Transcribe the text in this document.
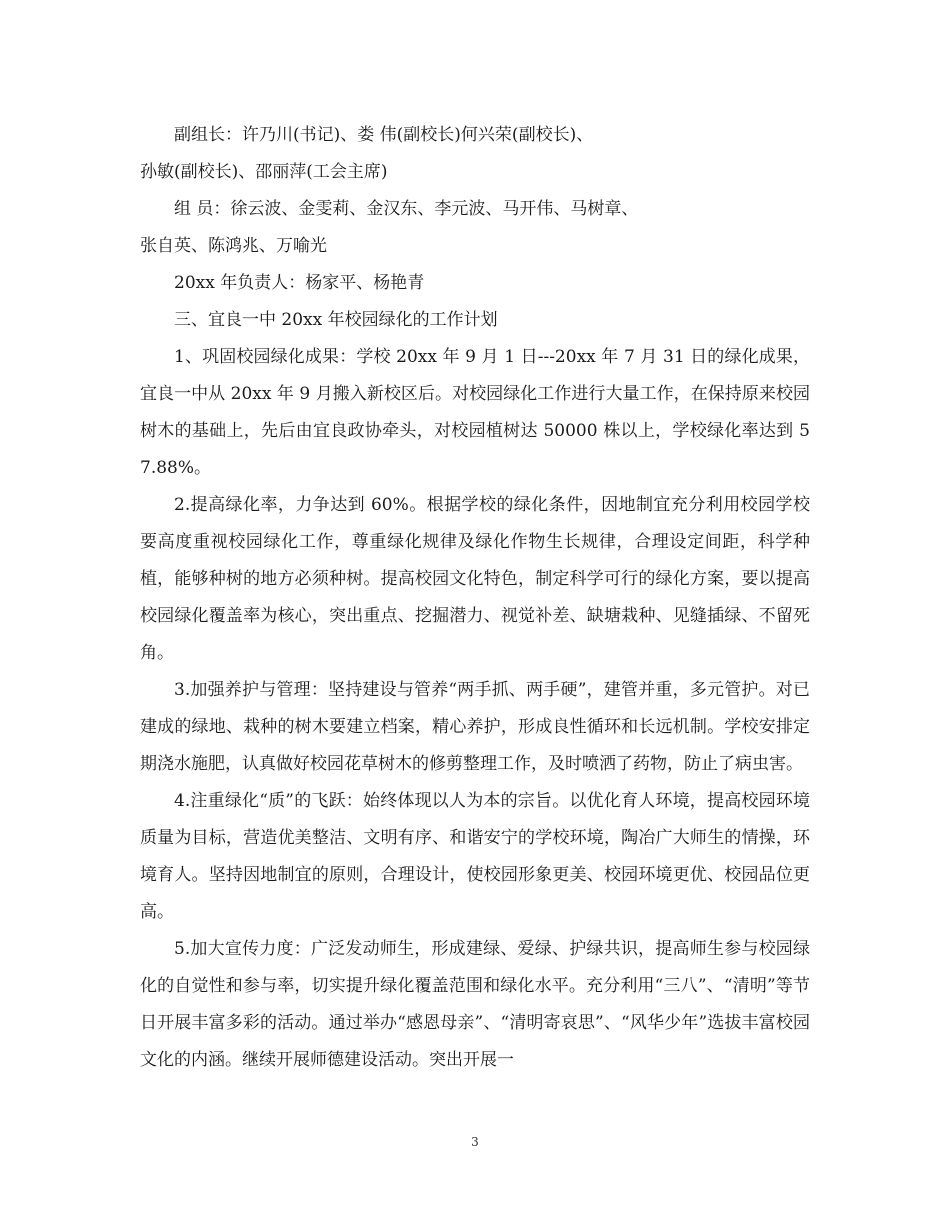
副组长：许乃川(书记)、娄 伟(副校长)何兴荣(副校长)、

孙敏(副校长)、邵丽萍(工会主席)

组 员：徐云波、金雯莉、金汉东、李元波、马开伟、马树章、

张自英、陈鸿兆、万喻光

20xx 年负责人：杨家平、杨艳青

三、宜良一中 20xx 年校园绿化的工作计划

1、巩固校园绿化成果：学校 20xx 年 9 月 1 日---20xx 年 7 月 31 日的绿化成果，宜良一中从 20xx 年 9 月搬入新校区后。对校园绿化工作进行大量工作，在保持原来校园树木的基础上，先后由宜良政协牵头，对校园植树达 50000 株以上，学校绿化率达到 57.88%。

2.提高绿化率，力争达到 60%。根据学校的绿化条件，因地制宜充分利用校园学校要高度重视校园绿化工作，尊重绿化规律及绿化作物生长规律，合理设定间距，科学种植，能够种树的地方必须种树。提高校园文化特色，制定科学可行的绿化方案，要以提高校园绿化覆盖率为核心，突出重点、挖掘潜力、视觉补差、缺塘栽种、见缝插绿、不留死角。

3.加强养护与管理：坚持建设与管养“两手抓、两手硬”，建管并重，多元管护。对已建成的绿地、栽种的树木要建立档案，精心养护，形成良性循环和长远机制。学校安排定期浇水施肥，认真做好校园花草树木的修剪整理工作，及时喷洒了药物，防止了病虫害。

4.注重绿化“质”的飞跃：始终体现以人为本的宗旨。以优化育人环境，提高校园环境质量为目标，营造优美整洁、文明有序、和谐安宁的学校环境，陶冶广大师生的情操，环境育人。坚持因地制宜的原则，合理设计，使校园形象更美、校园环境更优、校园品位更高。

5.加大宣传力度：广泛发动师生，形成建绿、爱绿、护绿共识，提高师生参与校园绿化的自觉性和参与率，切实提升绿化覆盖范围和绿化水平。充分利用“三八”、“清明”等节日开展丰富多彩的活动。通过举办“感恩母亲”、“清明寄哀思”、“风华少年”选拔丰富校园文化的内涵。继续开展师德建设活动。突出开展一

3
